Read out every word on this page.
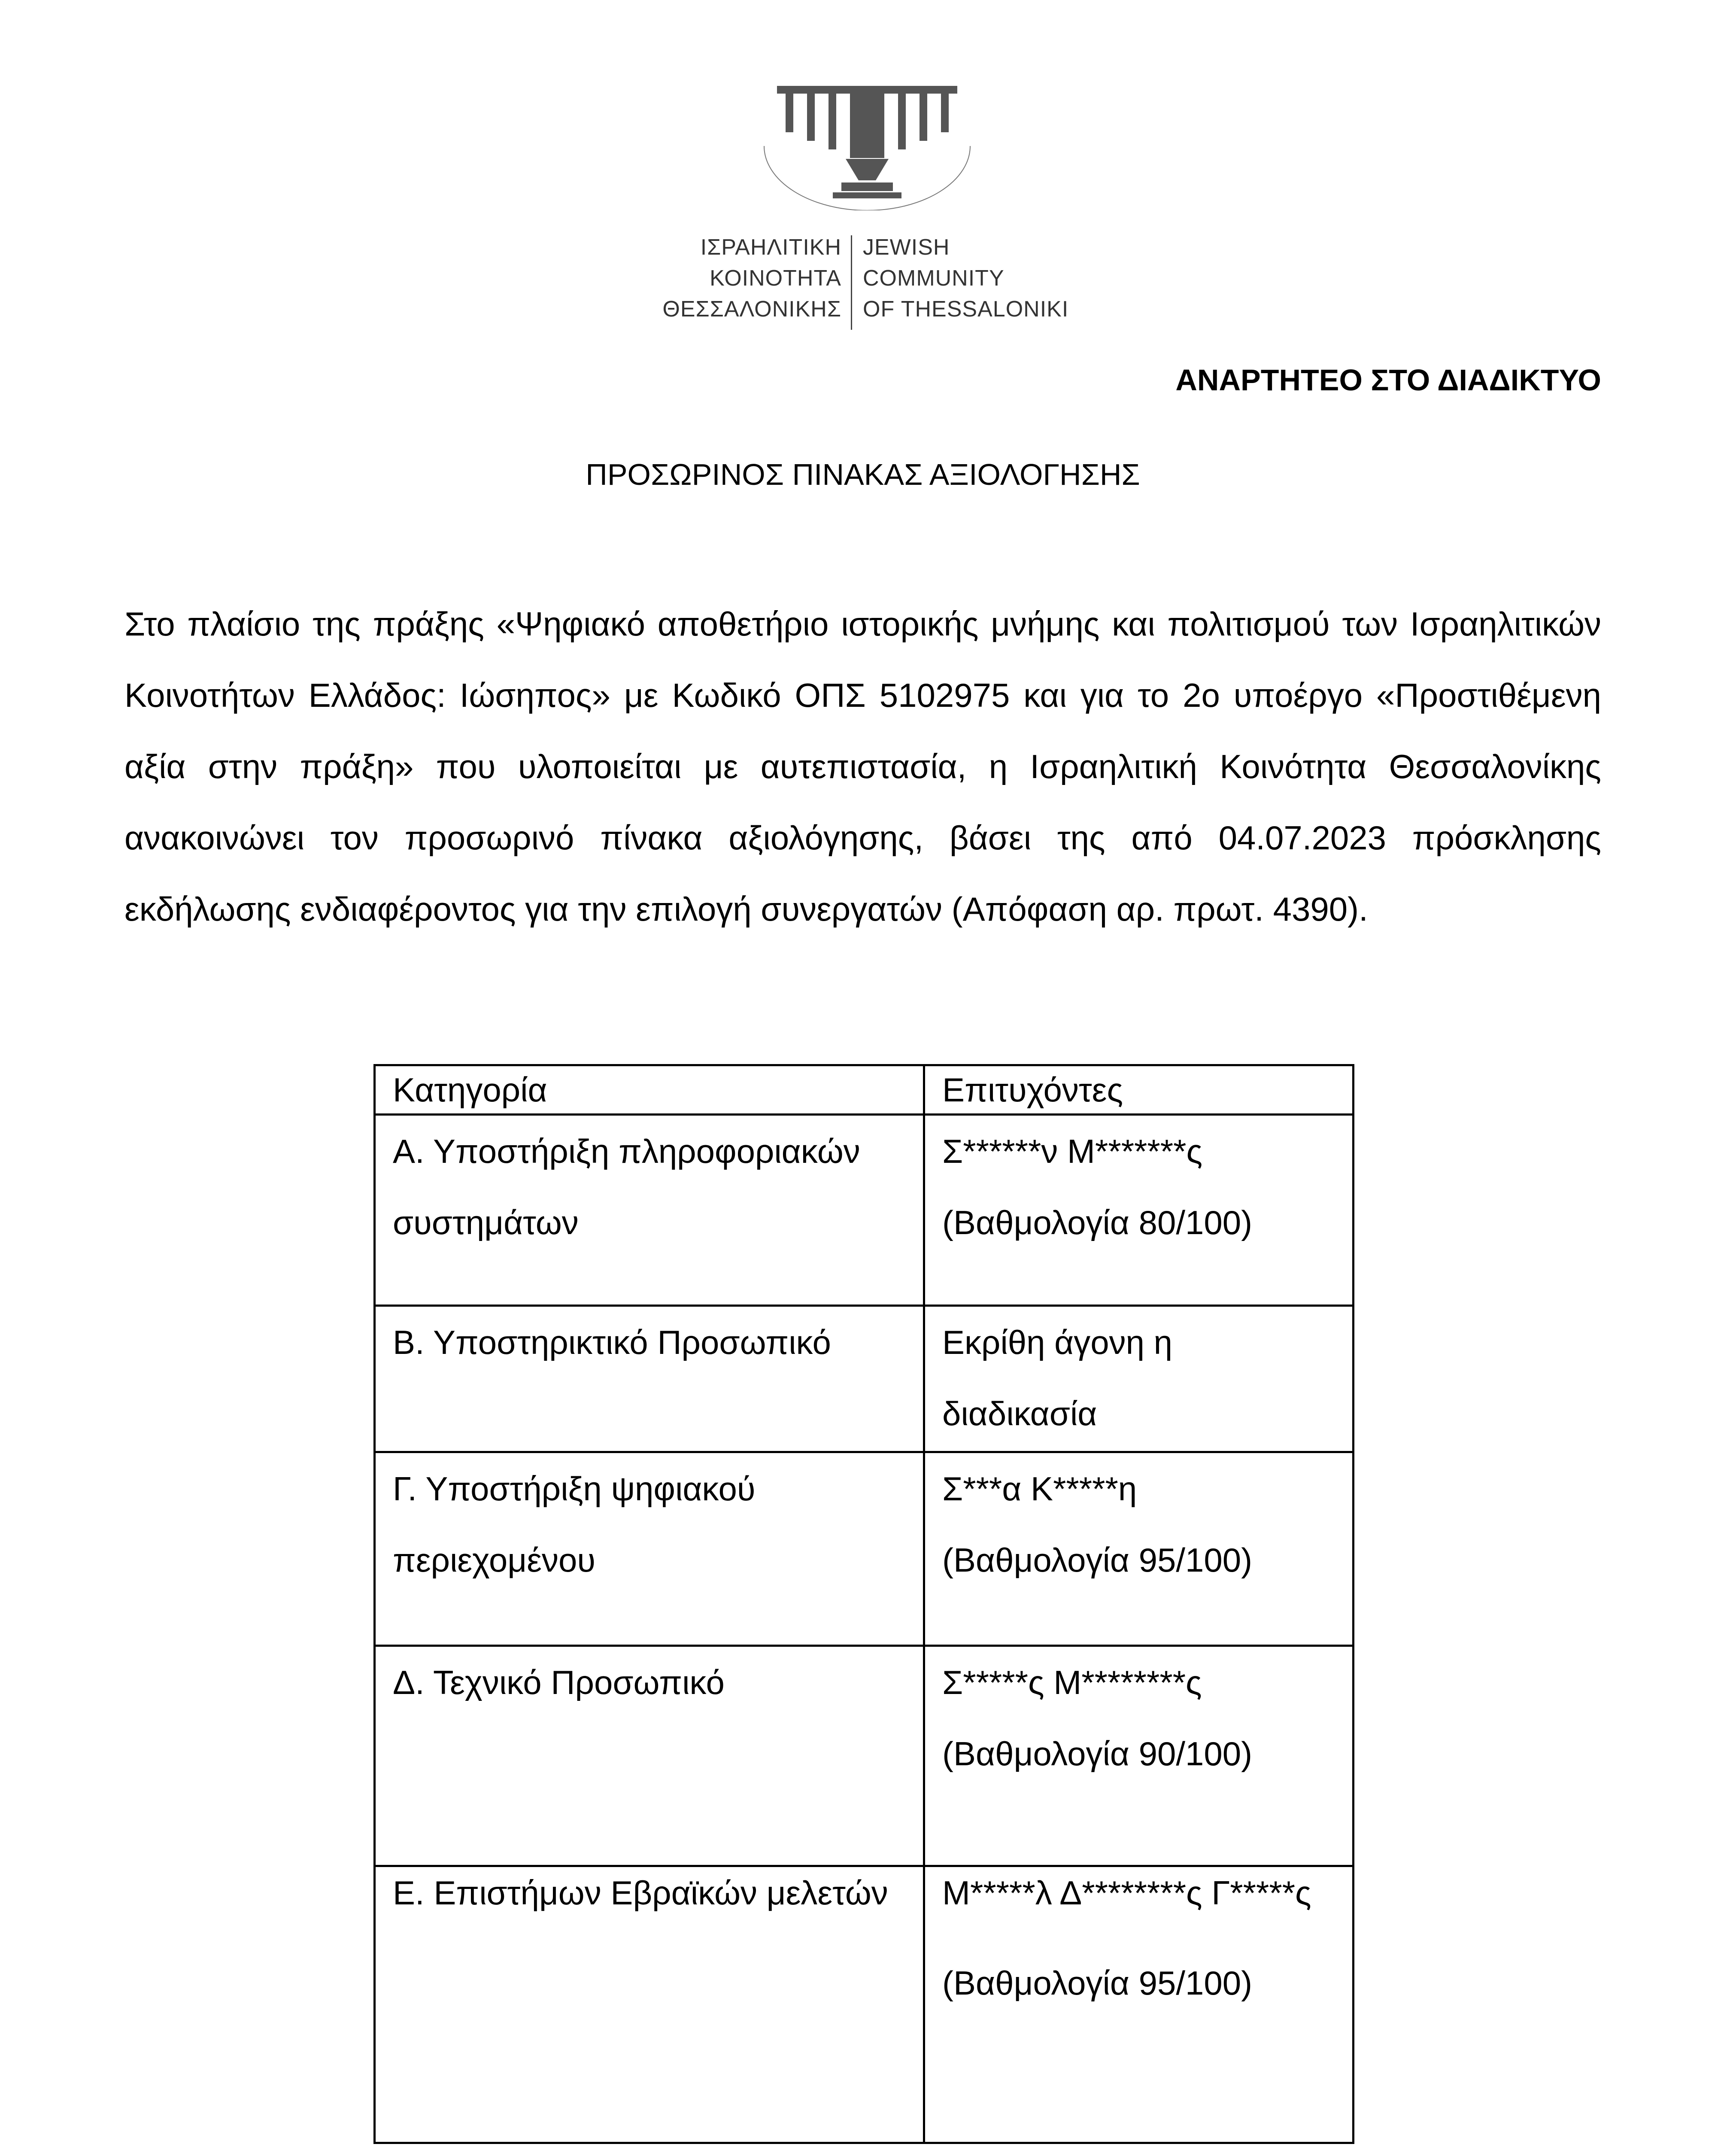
ΙΣΡΑΗΛΙΤΙΚΗ
ΚΟΙΝΟΤΗΤΑ
ΘΕΣΣΑΛΟΝΙΚΗΣ
JEWISH
COMMUNITY
OF THESSALONIKI
ΑΝΑΡΤΗΤΕΟ ΣΤΟ ΔΙΑΔΙΚΤΥΟ
ΠΡΟΣΩΡΙΝΟΣ ΠΙΝΑΚΑΣ ΑΞΙΟΛΟΓΗΣΗΣ
Στο πλαίσιο της πράξης «Ψηφιακό αποθετήριο ιστορικής μνήμης και πολιτισμού των Ισραηλιτικών Κοινοτήτων Ελλάδος: Ιώσηπος» με Κωδικό ΟΠΣ 5102975 και για το 2ο υποέργο «Προστιθέμενη αξία στην πράξη» που υλοποιείται με αυτεπιστασία, η Ισραηλιτική Κοινότητα Θεσσαλονίκης ανακοινώνει τον προσωρινό πίνακα αξιολόγησης, βάσει της από 04.07.2023 πρόσκλησης εκδήλωσης ενδιαφέροντος για την επιλογή συνεργατών (Απόφαση αρ. πρωτ. 4390).
Κατηγορία	Επιτυχόντες

Α. Υποστήριξη πληροφοριακών συστημάτων	Σ******ν Μ*******ς
(Βαθμολογία 80/100)

Β. Υποστηρικτικό Προσωπικό	Εκρίθη άγονη η διαδικασία

Γ. Υποστήριξη ψηφιακού περιεχομένου	Σ***α Κ*****η
(Βαθμολογία 95/100)

Δ. Τεχνικό Προσωπικό	Σ*****ς Μ********ς
(Βαθμολογία 90/100)

Ε. Επιστήμων Εβραϊκών μελετών	Μ*****λ Δ********ς Γ*****ς
(Βαθμολογία 95/100)
